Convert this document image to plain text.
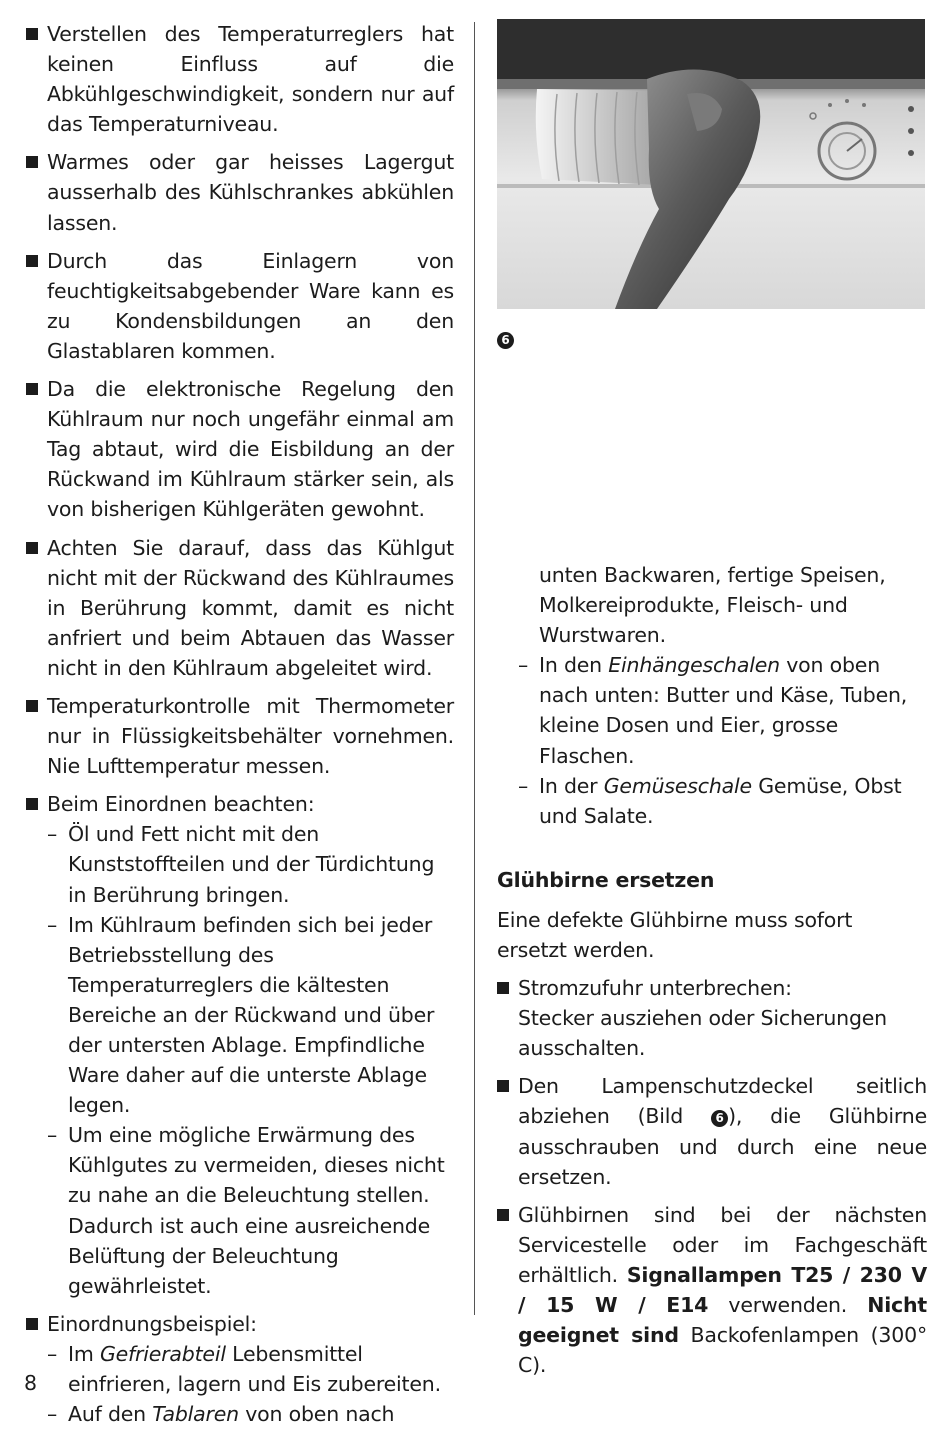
Verstellen des Temperaturreglers hat keinen Einfluss auf die Abkühlgeschwindigkeit, sondern nur auf das Temperaturniveau.
Warmes oder gar heisses Lagergut ausserhalb des Kühlschrankes abkühlen lassen.
Durch das Einlagern von feuchtigkeitsabgebender Ware kann es zu Kondensbildungen an den Glastablaren kommen.
Da die elektronische Regelung den Kühlraum nur noch ungefähr einmal am Tag abtaut, wird die Eisbildung an der Rückwand im Kühlraum stärker sein, als von bisherigen Kühlgeräten gewohnt.
Achten Sie darauf, dass das Kühlgut nicht mit der Rückwand des Kühlraumes in Berührung kommt, damit es nicht anfriert und beim Abtauen das Wasser nicht in den Kühlraum abgeleitet wird.
Temperaturkontrolle mit Thermometer nur in Flüssigkeitsbehälter vornehmen. Nie Lufttemperatur messen.
Beim Einordnen beachten:
– Öl und Fett nicht mit den Kunststoffteilen und der Türdichtung in Berührung bringen.
– Im Kühlraum befinden sich bei jeder Betriebsstellung des Temperaturreglers die kältesten Bereiche an der Rückwand und über der untersten Ablage. Empfindliche Ware daher auf die unterste Ablage legen.
– Um eine mögliche Erwärmung des Kühlgutes zu vermeiden, dieses nicht zu nahe an die Beleuchtung stellen. Dadurch ist auch eine ausreichende Belüftung der Beleuchtung gewährleistet.
Einordnungsbeispiel:
– Im Gefrierabteil Lebensmittel einfrieren, lagern und Eis zubereiten.
– Auf den Tablaren von oben nach
6
unten Backwaren, fertige Speisen, Molkereiprodukte, Fleisch- und Wurstwaren.
– In den Einhängeschalen von oben nach unten: Butter und Käse, Tuben, kleine Dosen und Eier, grosse Flaschen.
– In der Gemüseschale Gemüse, Obst und Salate.
Glühbirne ersetzen

Eine defekte Glühbirne muss sofort ersetzt werden.

Stromzufuhr unterbrechen:
Stecker ausziehen oder Sicherungen ausschalten.
Den Lampenschutzdeckel seitlich abziehen (Bild 6 ), die Glühbirne ausschrauben und durch eine neue ersetzen.
Glühbirnen sind bei der nächsten Servicestelle oder im Fachgeschäft erhältlich. Signallampen T25 / 230 V / 15 W / E14 verwenden. Nicht geeignet sind Backofenlampen (300° C).
8
